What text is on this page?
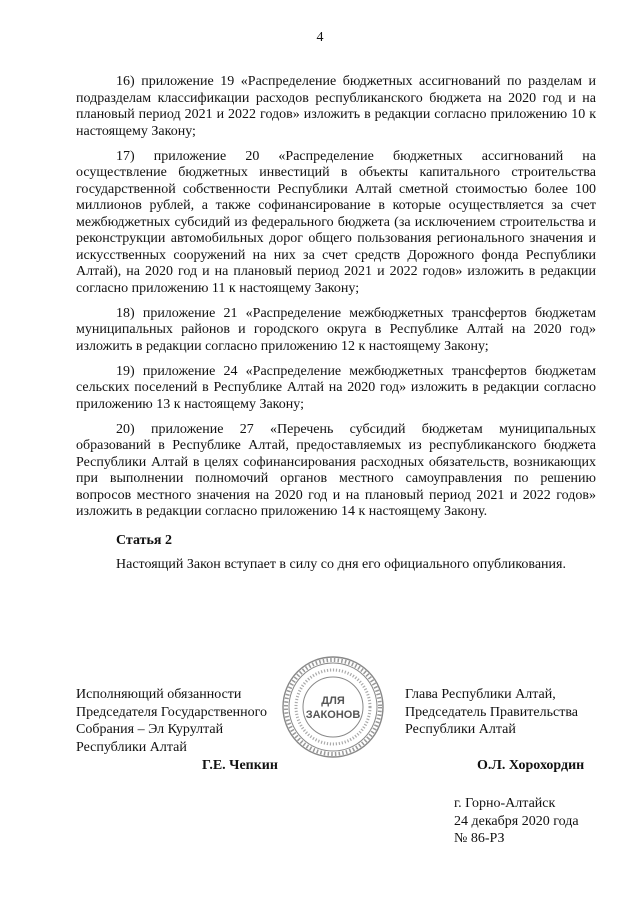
4

16) приложение 19 «Распределение бюджетных ассигнований по разделам и подразделам классификации расходов республиканского бюджета на 2020 год и на плановый период 2021 и 2022 годов» изложить в редакции согласно приложению 10 к настоящему Закону;

17) приложение 20 «Распределение бюджетных ассигнований на осуществление бюджетных инвестиций в объекты капитального строительства государственной собственности Республики Алтай сметной стоимостью более 100 миллионов рублей, а также софинансирование в которые осуществляется за счет межбюджетных субсидий из федерального бюджета (за исключением строительства и реконструкции автомобильных дорог общего пользования регионального значения и искусственных сооружений на них за счет средств Дорожного фонда Республики Алтай), на 2020 год и на плановый период 2021 и 2022 годов» изложить в редакции согласно приложению 11 к настоящему Закону;

18) приложение 21 «Распределение межбюджетных трансфертов бюджетам муниципальных районов и городского округа в Республике Алтай на 2020 год» изложить в редакции согласно приложению 12 к настоящему Закону;

19) приложение 24 «Распределение межбюджетных трансфертов бюджетам сельских поселений в Республике Алтай на 2020 год» изложить в редакции согласно приложению 13 к настоящему Закону;

20) приложение 27 «Перечень субсидий бюджетам муниципальных образований в Республике Алтай, предоставляемых из республиканского бюджета Республики Алтай в целях софинансирования расходных обязательств, возникающих при выполнении полномочий органов местного самоуправления по решению вопросов местного значения на 2020 год и на плановый период 2021 и 2022 годов» изложить в редакции согласно приложению 14 к настоящему Закону.

Статья 2

Настоящий Закон вступает в силу со дня его официального опубликования.

Исполняющий обязанности
Председателя Государственного
Собрания – Эл Курултай
Республики Алтай
Глава Республики Алтай,
Председатель Правительства
Республики Алтай
Г.Е. Чепкин	О.Л. Хорохордин
ДЛЯ
ЗАКОНОВ
г. Горно-Алтайск
24 декабря 2020 года
№ 86-РЗ
